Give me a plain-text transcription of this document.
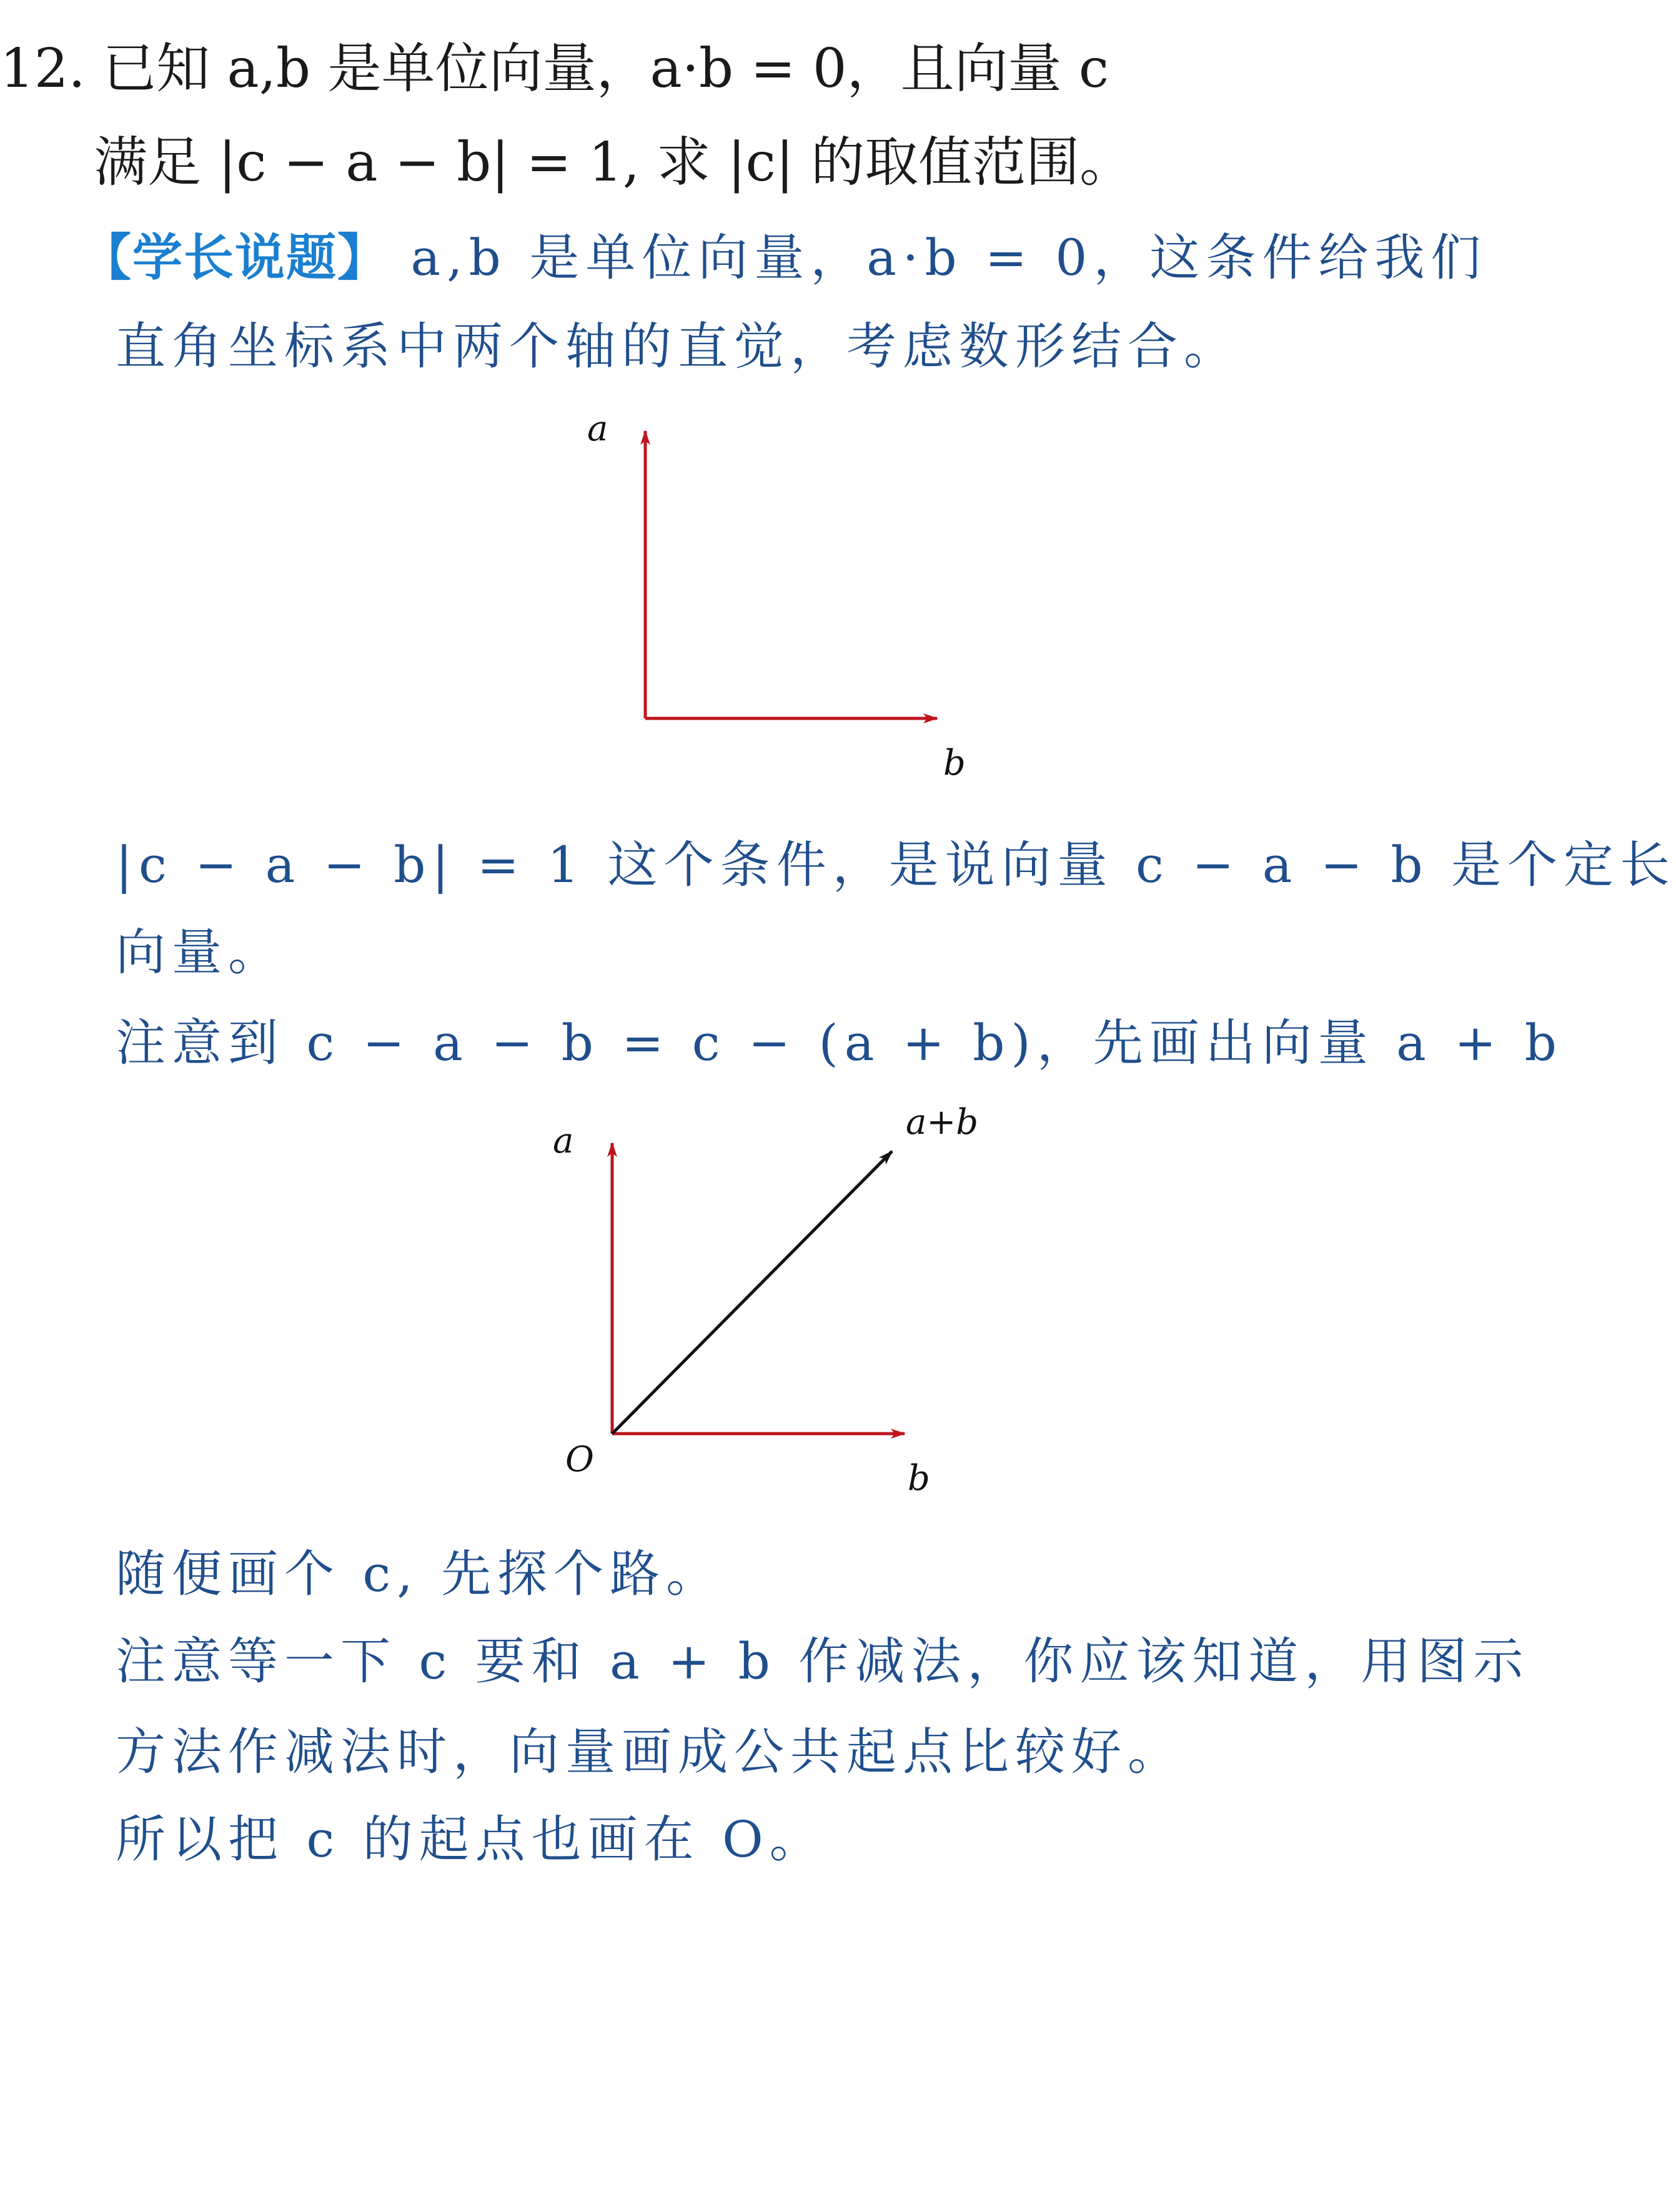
12. 已知 a,b 是单位向量，a·b = 0，且向量 c
满足 |c − a − b| = 1, 求 |c| 的取值范围。
【学长说题】 a,b 是单位向量，a·b = 0，这条件给我们
直角坐标系中两个轴的直觉，考虑数形结合。
a
b
|c − a − b| = 1 这个条件，是说向量 c − a − b 是个定长
向量。
注意到 c − a − b = c − (a + b)，先画出向量 a + b
a	a+b
O	b
随便画个 c, 先探个路。
注意等一下 c 要和 a + b 作减法，你应该知道，用图示
方法作减法时，向量画成公共起点比较好。
所以把 c 的起点也画在 O。
